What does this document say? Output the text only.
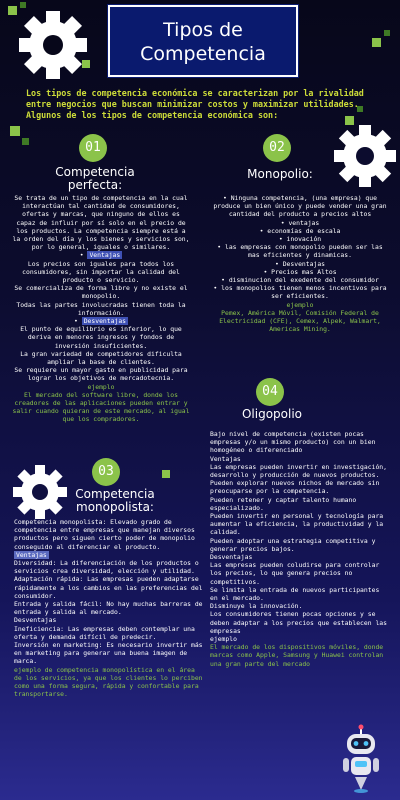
Tipos de
Competencia
Los tipos de competencia económica se caracterizan por la rivalidad entre negocios que buscan minimizar costos y maximizar utilidades. Algunos de los tipos de competencia económica son:
01
Competencia
perfecta:
Se trata de un tipo de competencia en la cual interactúan tal cantidad de consumidores, ofertas y marcas, que ninguno de ellos es capaz de influir por sí solo en el precio de los productos. La competencia siempre está a la orden del día y los bienes y servicios son, por lo general, iguales o similares.
• Ventajas
Los precios son iguales para todos los consumidores, sin importar la calidad del producto o servicio.
Se comercializa de forma libre y no existe el monopolio.
Todas las partes involucradas tienen toda la información.
• Desventajas
El punto de equilibrio es inferior, lo que deriva en menores ingresos y fondos de inversión insuficientes.
La gran variedad de competidores dificulta ampliar la base de clientes.
Se requiere un mayor gasto en publicidad para lograr los objetivos de mercadotecnia.
ejemplo
El mercado del software libre, donde los creadores de las aplicaciones pueden entrar y salir cuando quieran de este mercado, al igual que los compradores.
02
Monopolio:
• Ninguna competencia, (una empresa) que produce un bien único y puede vender una gran cantidad del producto a precios altos
• ventajas
• economías de escala
• inovación
• las empresas con monopolio pueden ser las mas eficientes y dinamicas.
• Desventajas
• Precios mas Altos
• disminucion del exedente del consumidor
• los monopolios tienen menos incentivos para ser eficientes.
ejemplo
Pemex, América Móvil, Comisión Federal de Electricidad (CFE), Cemex, Alpek, Walmart, Americas Mining.
04
Oligopolio
Bajo nivel de competencia (existen pocas empresas y/o un mismo producto) con un bien homogéneo o diferenciado
Ventajas
Las empresas pueden invertir en investigación, desarrollo y producción de nuevos productos.
Pueden explorar nuevos nichos de mercado sin preocuparse por la competencia.
Pueden retener y captar talento humano especializado.
Pueden invertir en personal y tecnología para aumentar la eficiencia, la productividad y la calidad.
Pueden adoptar una estrategia competitiva y generar precios bajos.
Desventajas
Las empresas pueden coludirse para controlar los precios, lo que genera precios no competitivos.
Se limita la entrada de nuevos participantes en el mercado.
Disminuye la innovación.
Los consumidores tienen pocas opciones y se deben adaptar a los precios que establecen las empresas
ejemplo
El mercado de los dispositivos móviles, donde marcas como Apple, Samsung y Huawei controlan una gran parte del mercado
03
Competencia
monopolista:
Competencia monopolista: Elevado grado de competencia entre empresas que manejan diversos productos pero siguen cierto poder de monopolio conseguido al diferenciar el producto.
Ventajas
Diversidad: La diferenciación de los productos o servicios crea diversidad, elección y utilidad.
Adaptación rápida: Las empresas pueden adaptarse rápidamente a los cambios en las preferencias del consumidor.
Entrada y salida fácil: No hay muchas barreras de entrada y salida al mercado.
Desventajas
Ineficiencia: Las empresas deben contemplar una oferta y demanda difícil de predecir.
Inversión en marketing: Es necesario invertir más en marketing para generar una buena imagen de marca.
ejemplo de competencia monopolística en el área de los servicios, ya que los clientes lo perciben como una forma segura, rápida y confortable para transportarse.
